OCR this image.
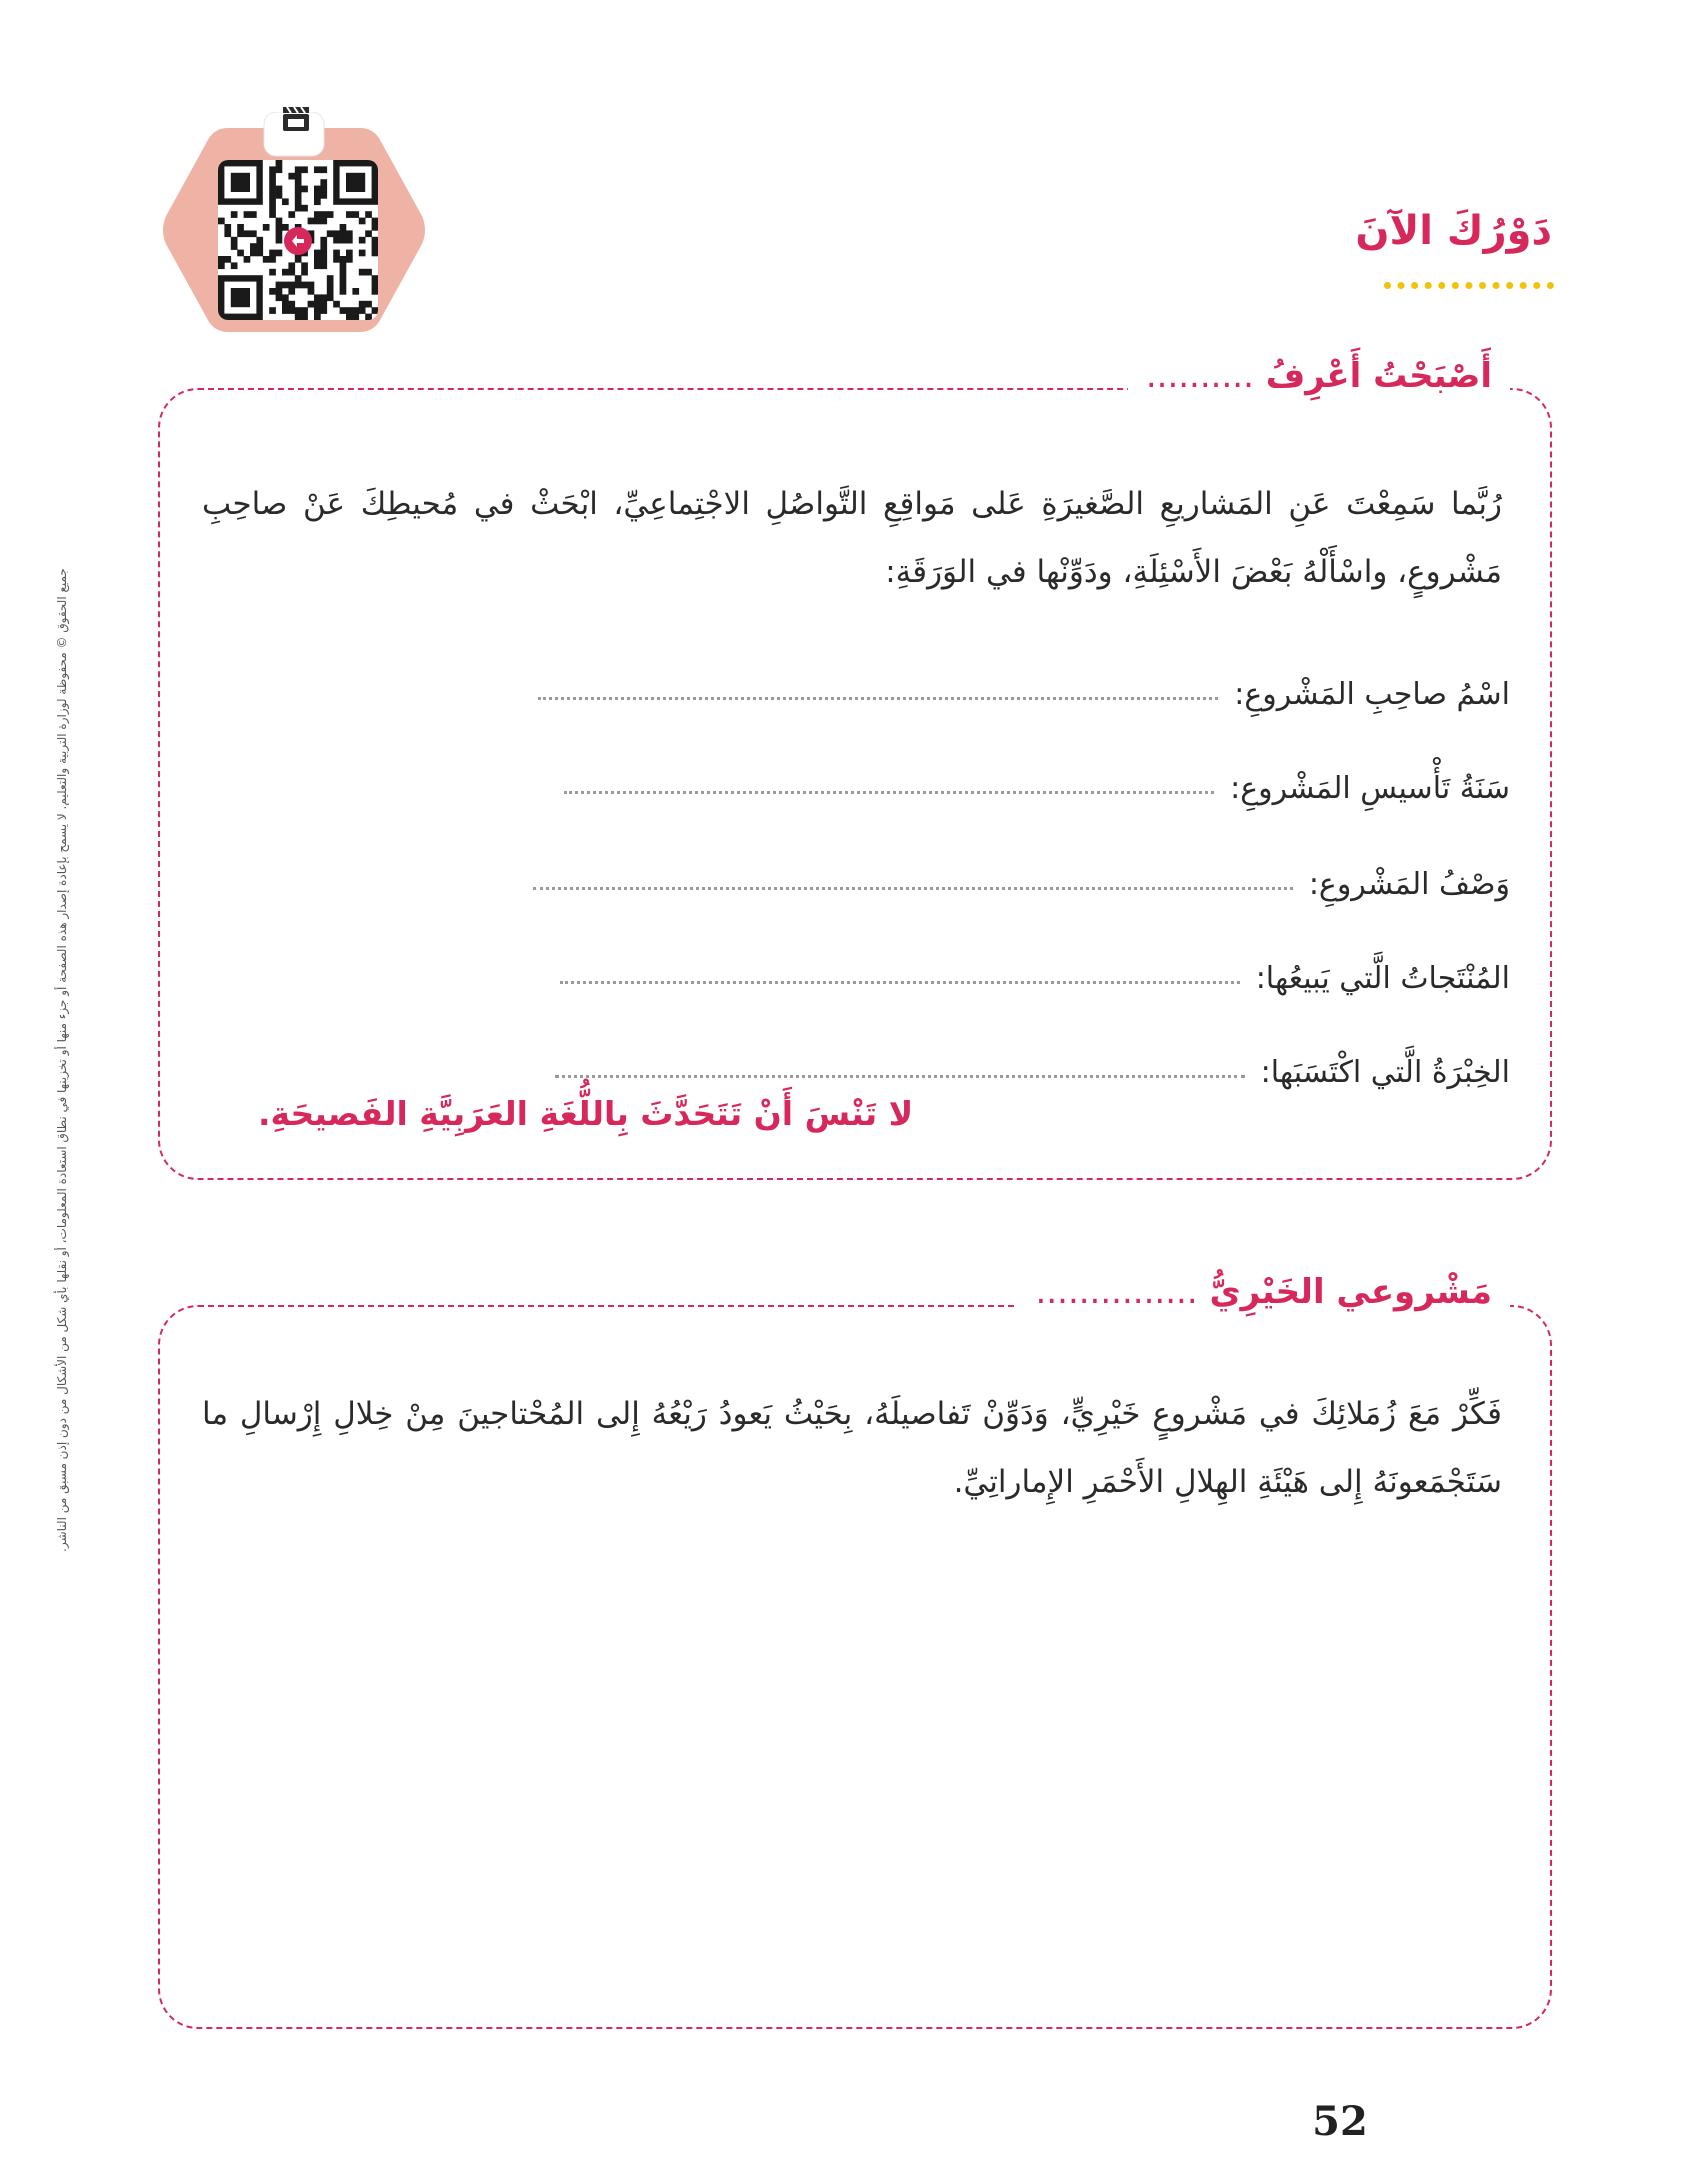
جميع الحقوق © محفوظة لوزارة التربية والتعليم. لا يسمح بإعادة إصدار هذه الصفحة أو جزء منها أو تخزينها في نطاق استعادة المعلومات، أو نقلها بأي شكل من الأشكال من دون إذن مسبق من الناشر.
دَوْرُكَ الآنَ
أَصْبَحْتُ أَعْرِفُ ..........
رُبَّما سَمِعْتَ عَنِ المَشاريعِ الصَّغيرَةِ عَلى مَواقِعِ التَّواصُلِ الاجْتِماعِيِّ، ابْحَثْ في مُحيطِكَ عَنْ صاحِبِ مَشْروعٍ، واسْأَلْهُ بَعْضَ الأَسْئِلَةِ، ودَوِّنْها في الوَرَقَةِ:
اسْمُ صاحِبِ المَشْروعِ:
سَنَةُ تَأْسيسِ المَشْروعِ:
وَصْفُ المَشْروعِ:
المُنْتَجاتُ الَّتي يَبيعُها:
الخِبْرَةُ الَّتي اكْتَسَبَها:
لا تَنْسَ أَنْ تَتَحَدَّثَ بِاللُّغَةِ العَرَبِيَّةِ الفَصيحَةِ.
مَشْروعي الخَيْرِيُّ ...............
فَكِّرْ مَعَ زُمَلائِكَ في مَشْروعٍ خَيْرِيٍّ، وَدَوِّنْ تَفاصيلَهُ، بِحَيْثُ يَعودُ رَيْعُهُ إِلى المُحْتاجينَ مِنْ خِلالِ إِرْسالِ ما سَتَجْمَعونَهُ إِلى هَيْئَةِ الهِلالِ الأَحْمَرِ الإِماراتِيِّ.
52
